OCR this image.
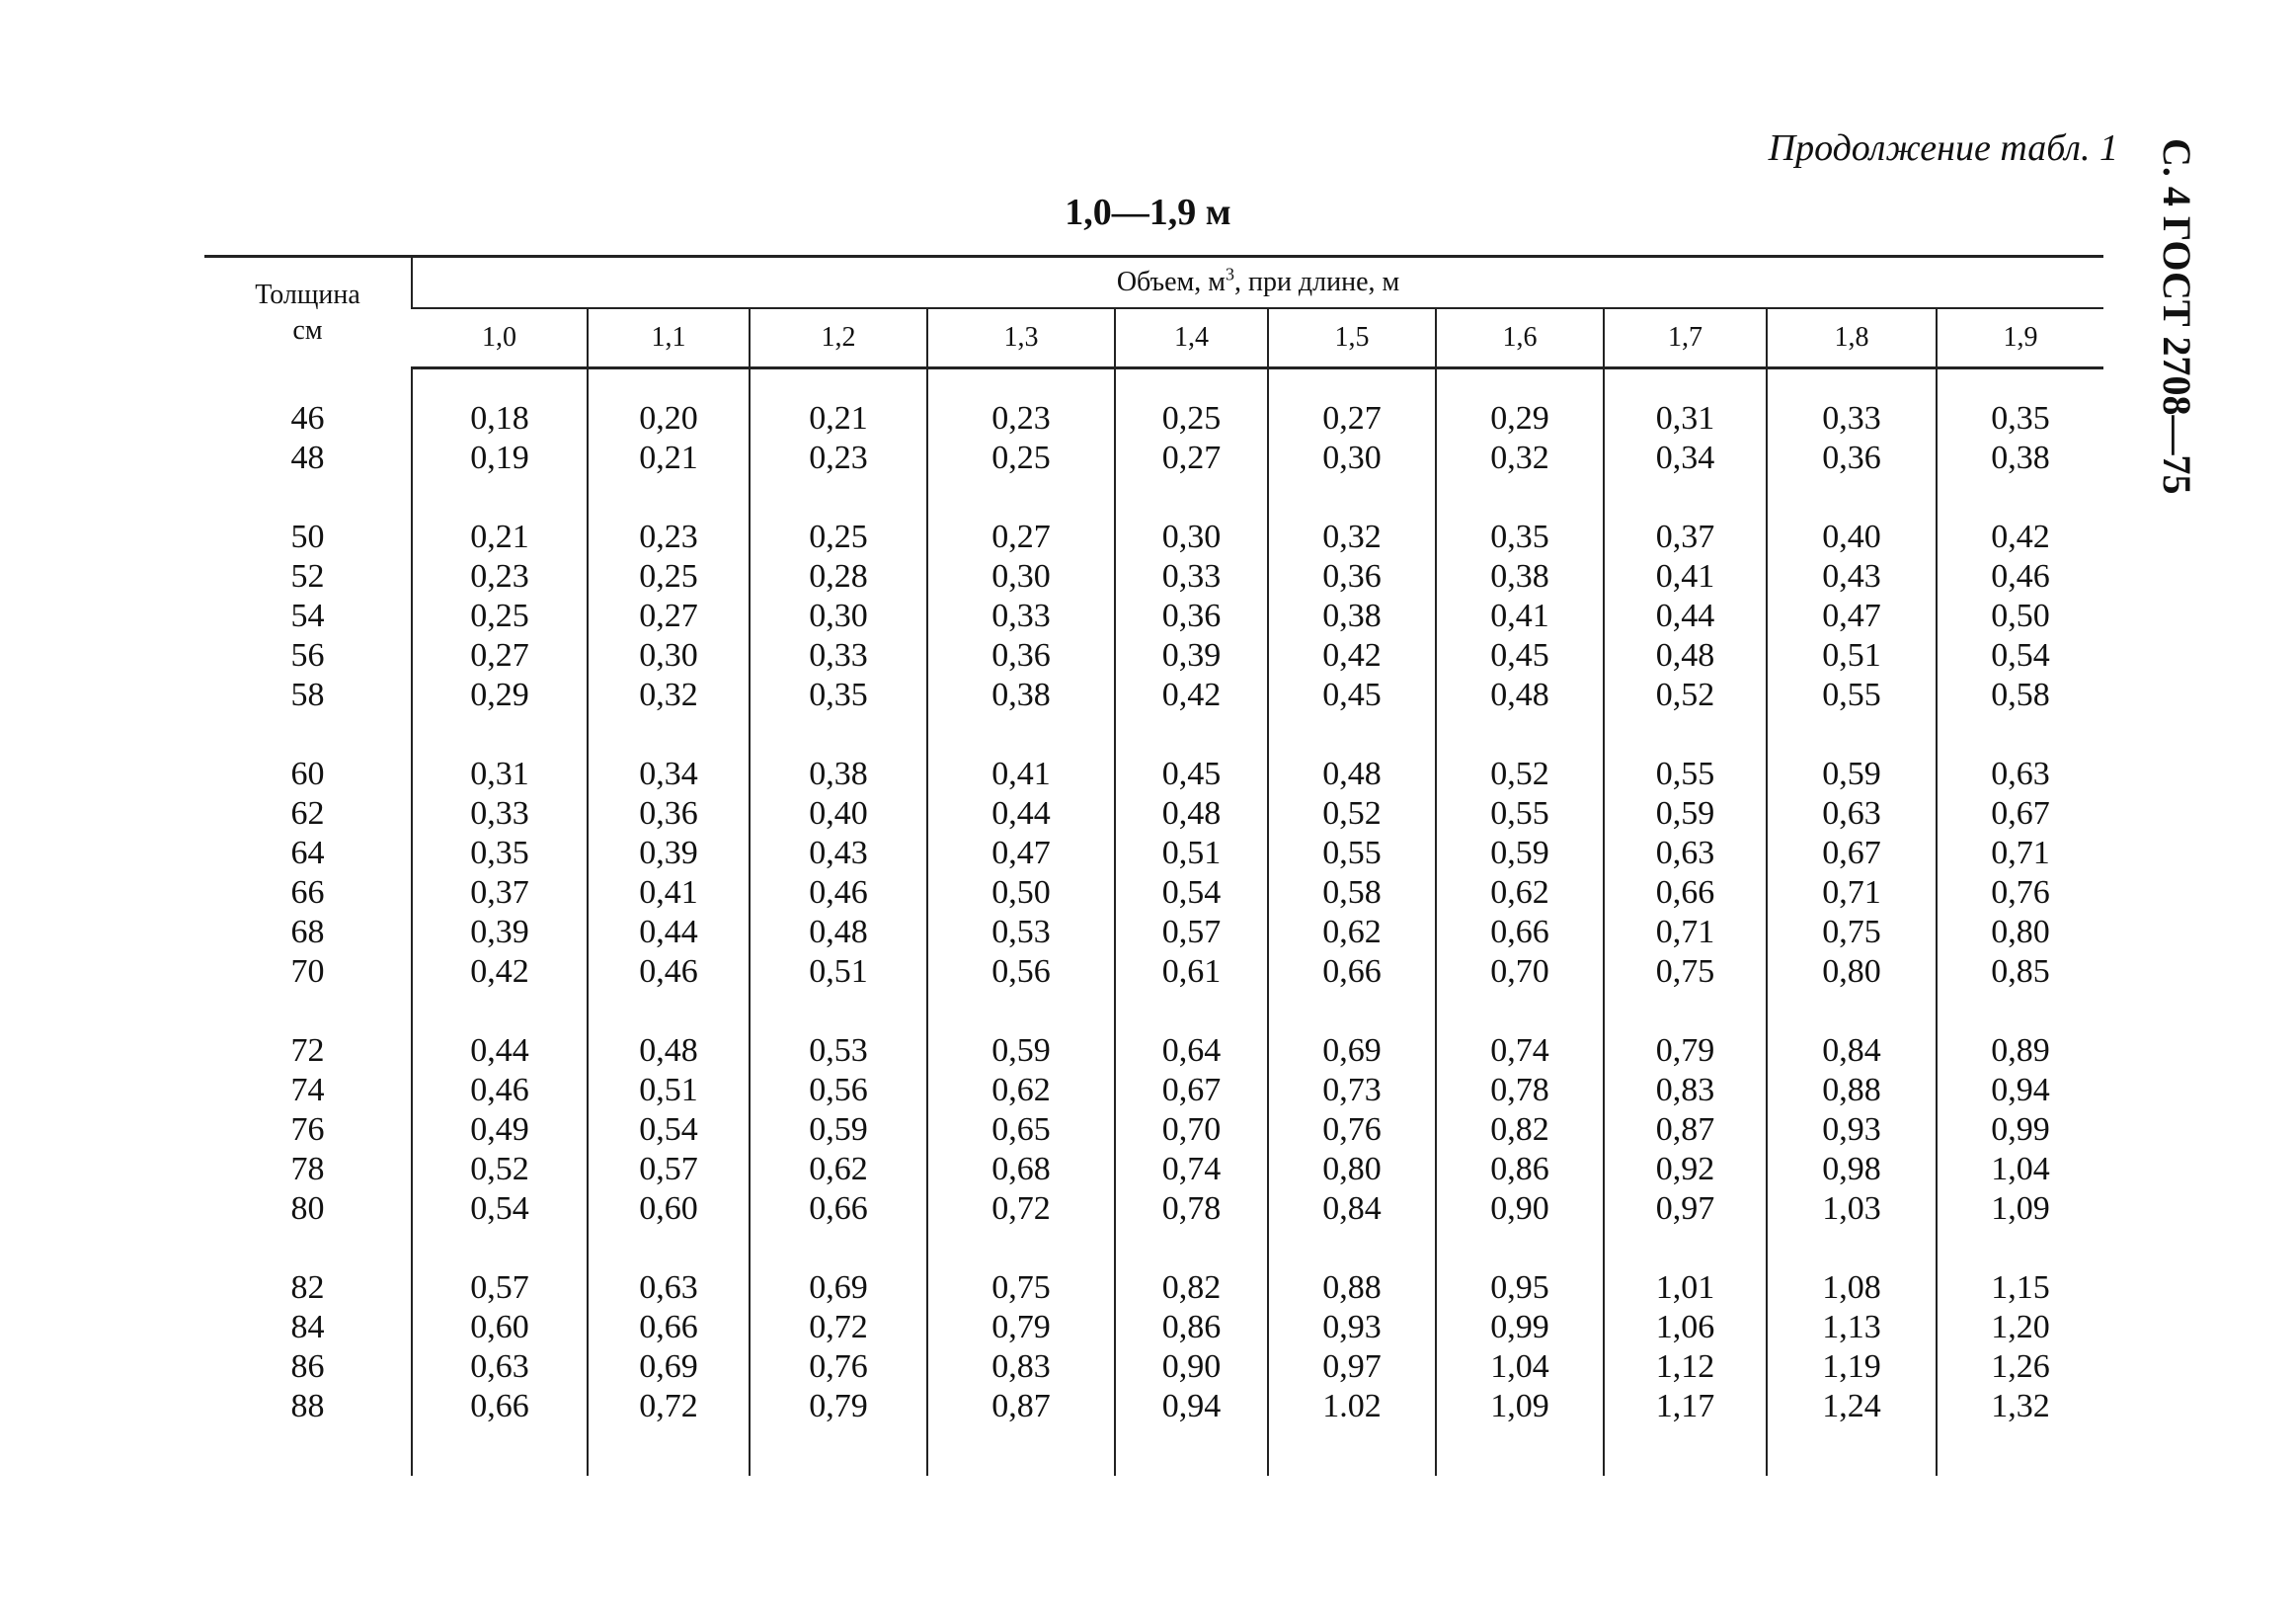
Продолжение табл. 1 С. 4 ГОСТ 2708—75
1,0—1,9 м
Толщина
см	Объем, $м^3$, при длине, м									
	1,0	1,1	1,2	1,3	1,4	1,5	1,6	1,7	1,8	1,9

46	0,18	0,20	0,21	0,23	0,25	0,27	0,29	0,31	0,33	0,35
48	0,19	0,21	0,23	0,25	0,27	0,30	0,32	0,34	0,36	0,38

50	0,21	0,23	0,25	0,27	0,30	0,32	0,35	0,37	0,40	0,42
52	0,23	0,25	0,28	0,30	0,33	0,36	0,38	0,41	0,43	0,46
54	0,25	0,27	0,30	0,33	0,36	0,38	0,41	0,44	0,47	0,50
56	0,27	0,30	0,33	0,36	0,39	0,42	0,45	0,48	0,51	0,54
58	0,29	0,32	0,35	0,38	0,42	0,45	0,48	0,52	0,55	0,58

60	0,31	0,34	0,38	0,41	0,45	0,48	0,52	0,55	0,59	0,63
62	0,33	0,36	0,40	0,44	0,48	0,52	0,55	0,59	0,63	0,67
64	0,35	0,39	0,43	0,47	0,51	0,55	0,59	0,63	0,67	0,71
66	0,37	0,41	0,46	0,50	0,54	0,58	0,62	0,66	0,71	0,76
68	0,39	0,44	0,48	0,53	0,57	0,62	0,66	0,71	0,75	0,80
70	0,42	0,46	0,51	0,56	0,61	0,66	0,70	0,75	0,80	0,85

72	0,44	0,48	0,53	0,59	0,64	0,69	0,74	0,79	0,84	0,89
74	0,46	0,51	0,56	0,62	0,67	0,73	0,78	0,83	0,88	0,94
76	0,49	0,54	0,59	0,65	0,70	0,76	0,82	0,87	0,93	0,99
78	0,52	0,57	0,62	0,68	0,74	0,80	0,86	0,92	0,98	1,04
80	0,54	0,60	0,66	0,72	0,78	0,84	0,90	0,97	1,03	1,09

82	0,57	0,63	0,69	0,75	0,82	0,88	0,95	1,01	1,08	1,15
84	0,60	0,66	0,72	0,79	0,86	0,93	0,99	1,06	1,13	1,20
86	0,63	0,69	0,76	0,83	0,90	0,97	1,04	1,12	1,19	1,26
88	0,66	0,72	0,79	0,87	0,94	1.02	1,09	1,17	1,24	1,32
